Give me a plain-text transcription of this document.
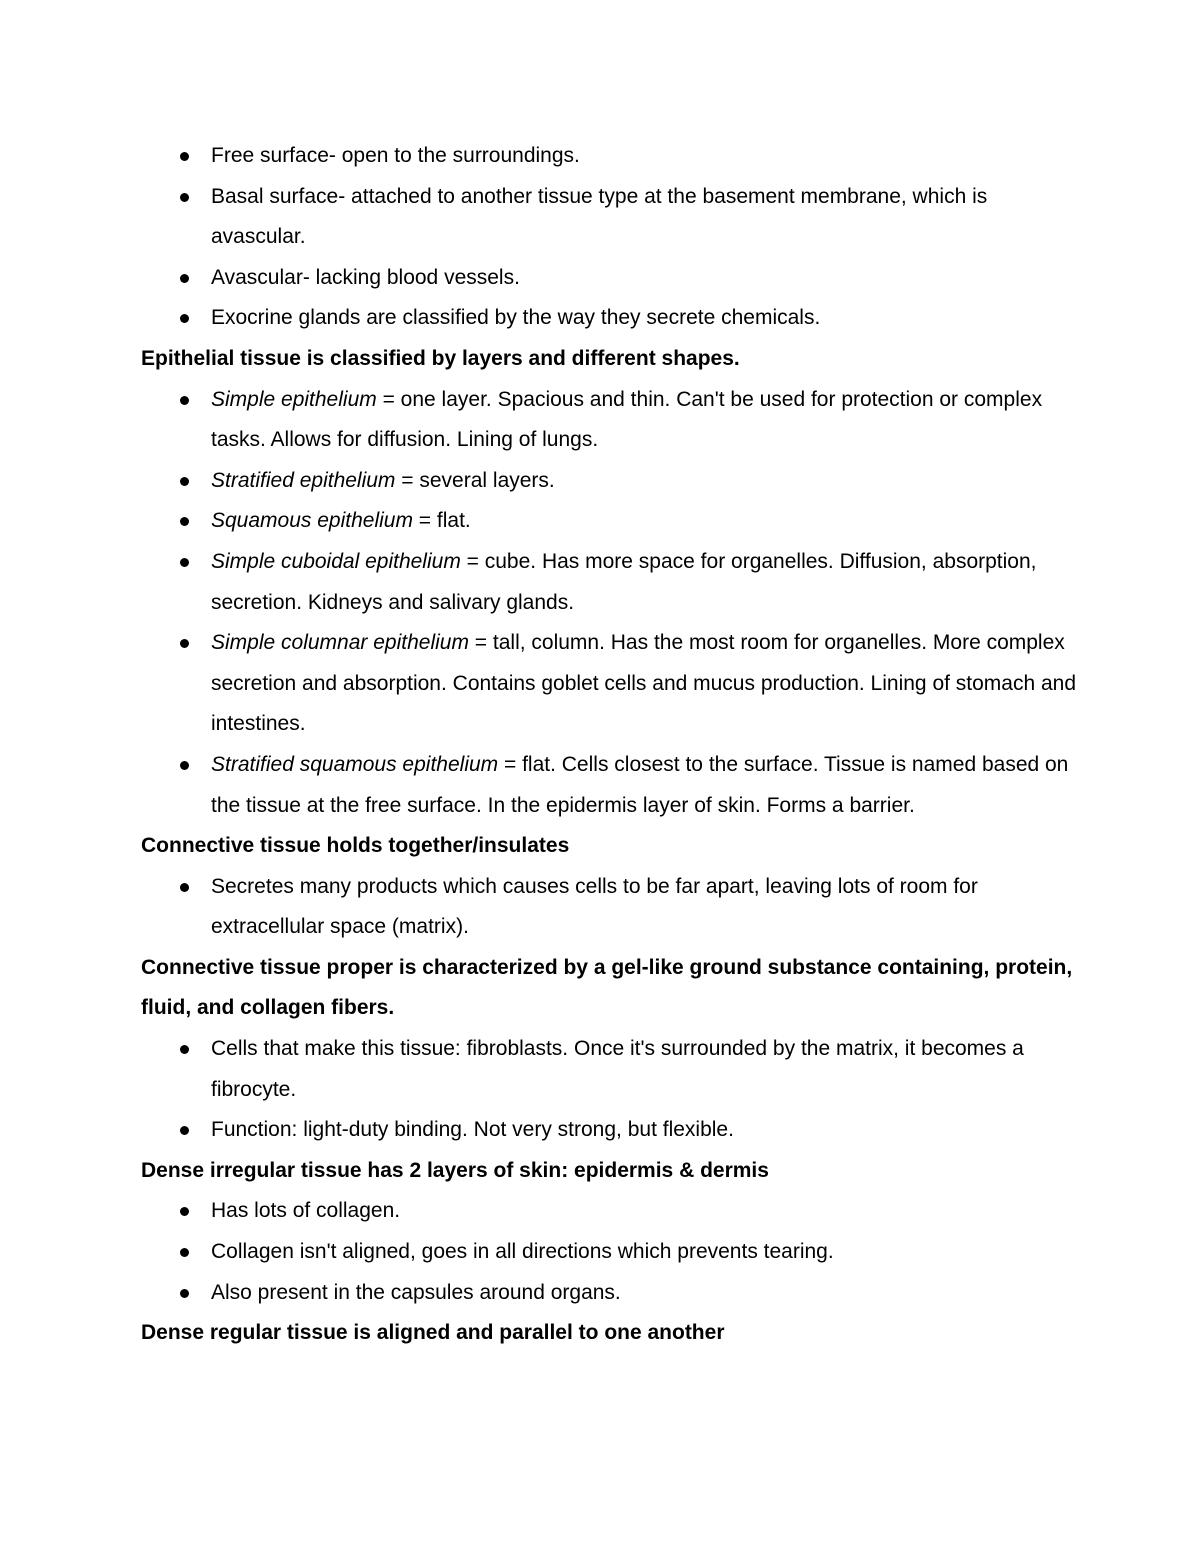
Free surface- open to the surroundings.
Basal surface- attached to another tissue type at the basement membrane, which is avascular.
Avascular- lacking blood vessels.
Exocrine glands are classified by the way they secrete chemicals.

Epithelial tissue is classified by layers and different shapes.

Simple epithelium = one layer. Spacious and thin. Can't be used for protection or complex tasks. Allows for diffusion. Lining of lungs.
Stratified epithelium = several layers.
Squamous epithelium = flat.
Simple cuboidal epithelium = cube. Has more space for organelles. Diffusion, absorption, secretion. Kidneys and salivary glands.
Simple columnar epithelium = tall, column. Has the most room for organelles. More complex secretion and absorption. Contains goblet cells and mucus production. Lining of stomach and intestines.
Stratified squamous epithelium = flat. Cells closest to the surface. Tissue is named based on the tissue at the free surface. In the epidermis layer of skin. Forms a barrier.

Connective tissue holds together/insulates

Secretes many products which causes cells to be far apart, leaving lots of room for extracellular space (matrix).

Connective tissue proper is characterized by a gel-like ground substance containing, protein, fluid, and collagen fibers.

Cells that make this tissue: fibroblasts. Once it's surrounded by the matrix, it becomes a fibrocyte.
Function: light-duty binding. Not very strong, but flexible.

Dense irregular tissue has 2 layers of skin: epidermis & dermis

Has lots of collagen.
Collagen isn't aligned, goes in all directions which prevents tearing.
Also present in the capsules around organs.

Dense regular tissue is aligned and parallel to one another
